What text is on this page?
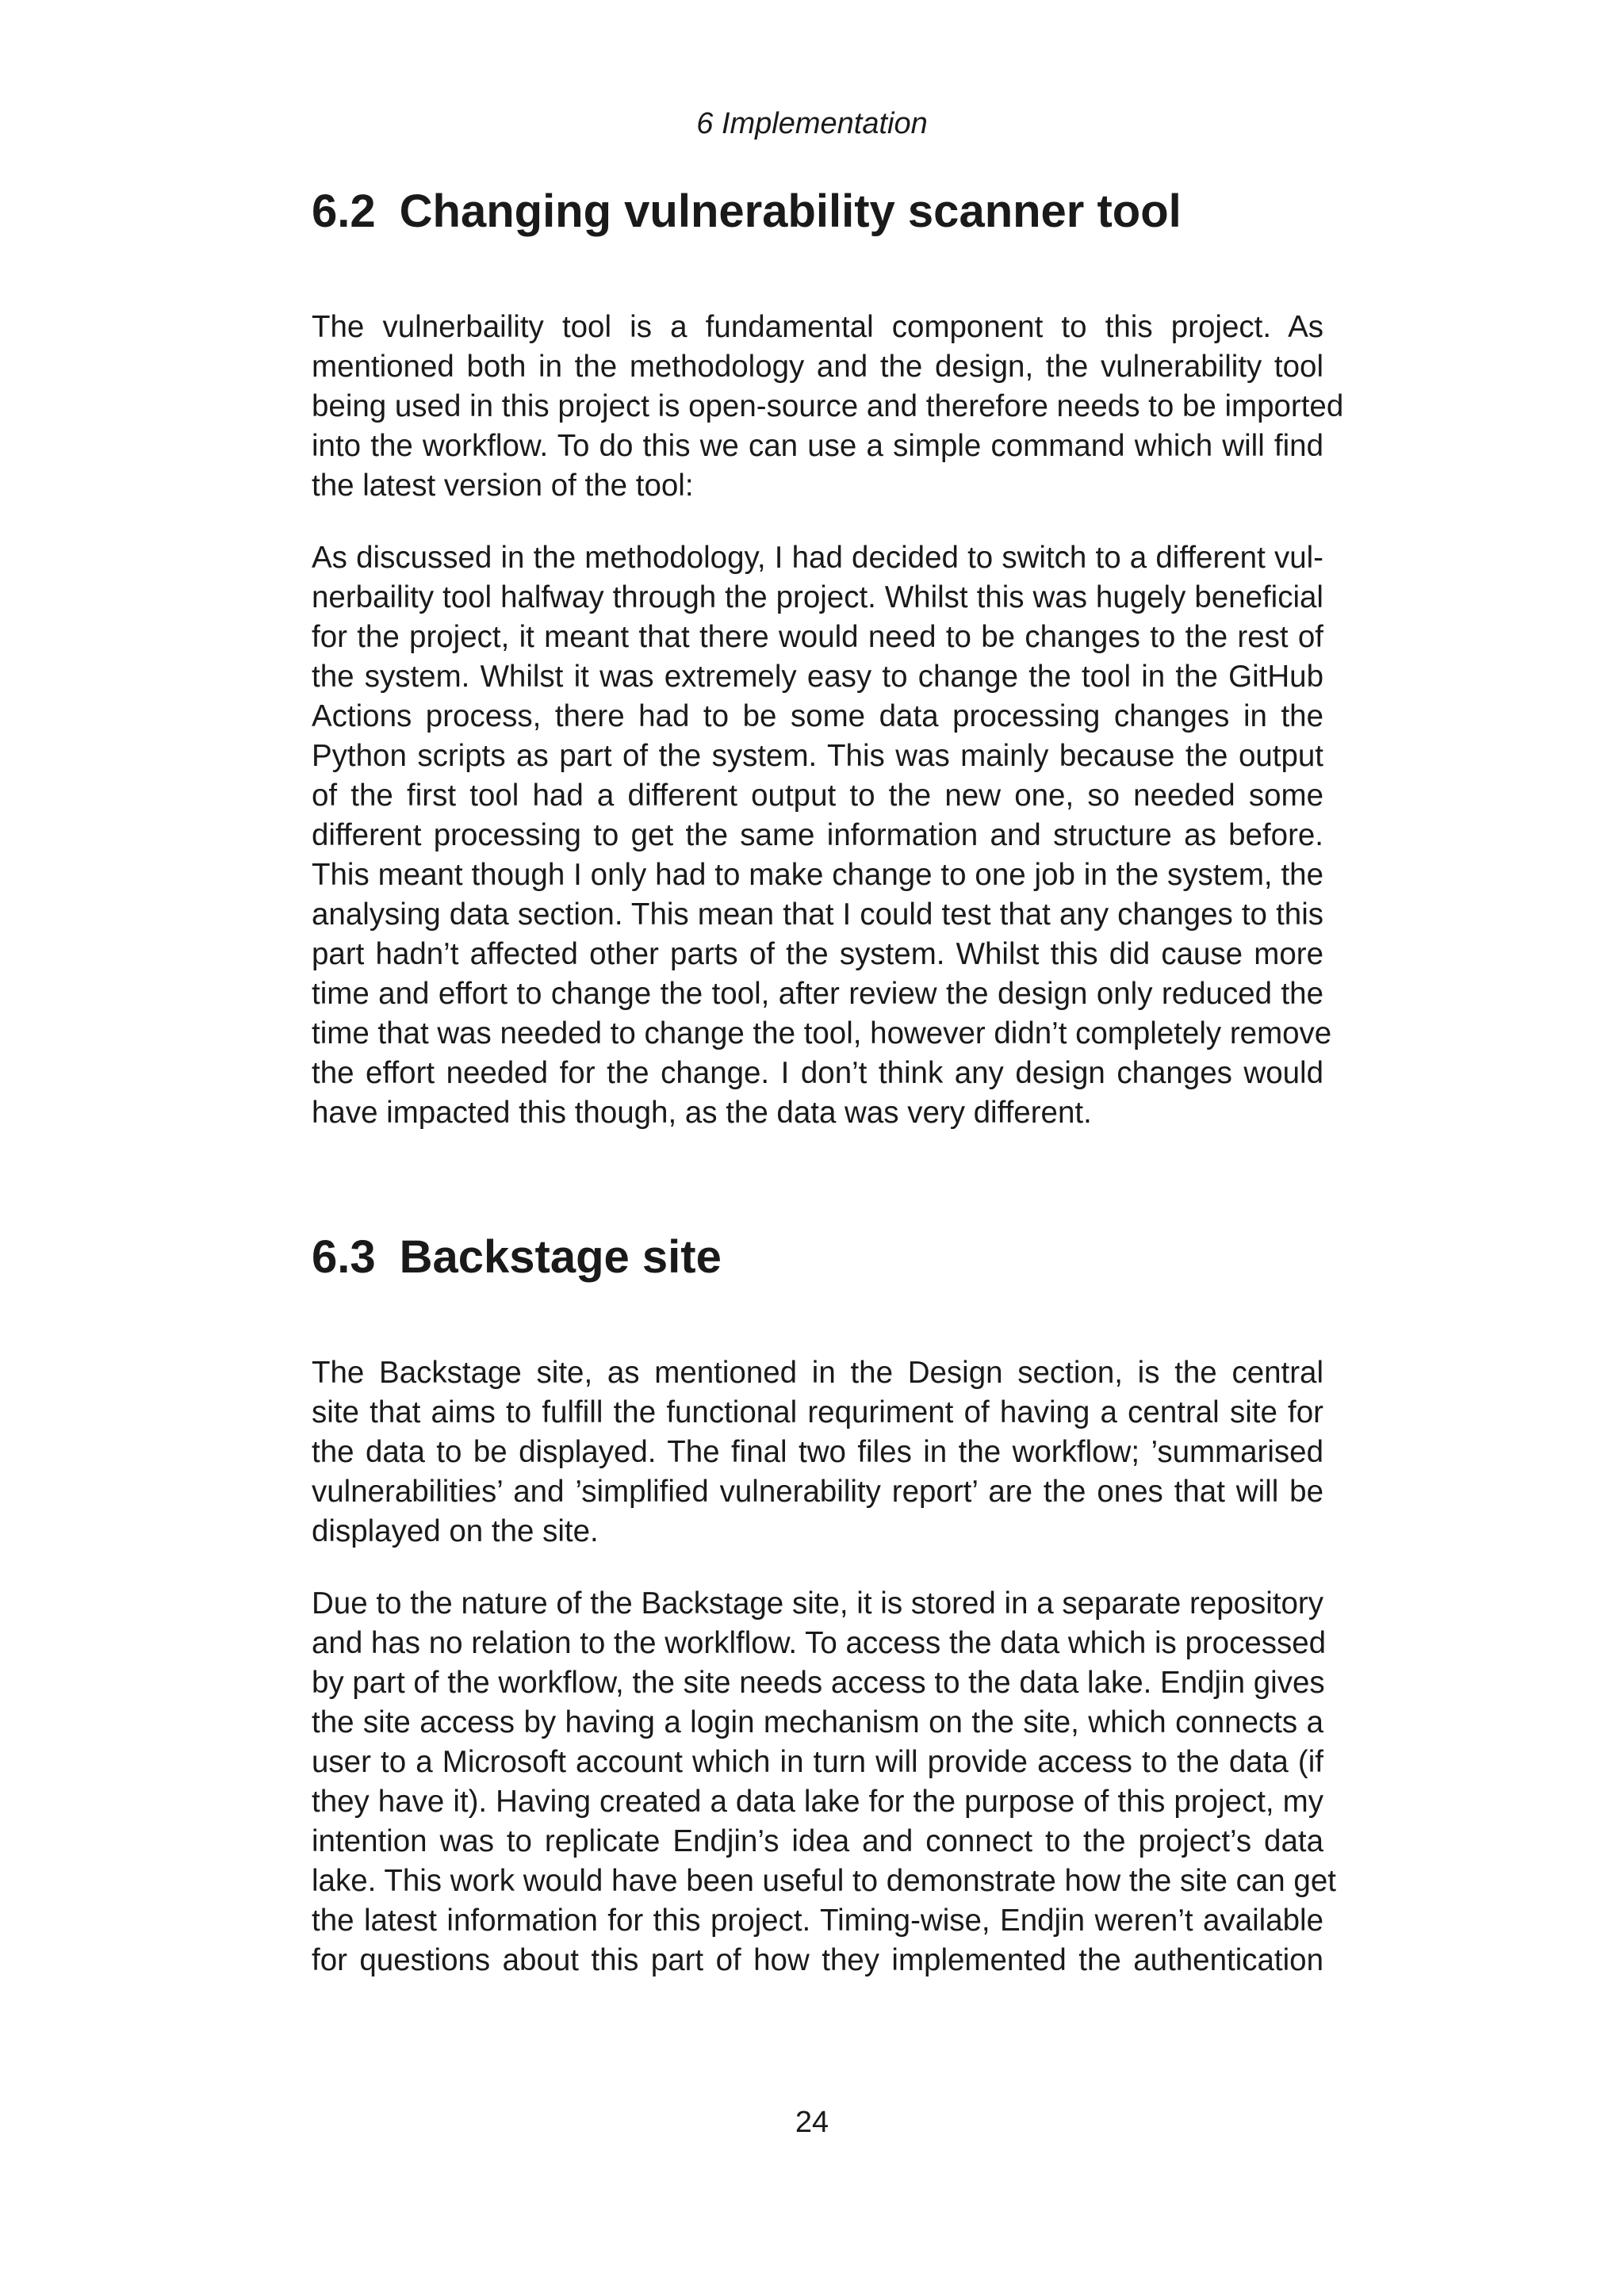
6 Implementation
6.2 Changing vulnerability scanner tool
The vulnerbaility tool is a fundamental component to this project. As
mentioned both in the methodology and the design, the vulnerability tool
being used in this project is open-source and therefore needs to be imported
into the workflow. To do this we can use a simple command which will find
the latest version of the tool:
As discussed in the methodology, I had decided to switch to a different vul-
nerbaility tool halfway through the project. Whilst this was hugely beneficial
for the project, it meant that there would need to be changes to the rest of
the system. Whilst it was extremely easy to change the tool in the GitHub
Actions process, there had to be some data processing changes in the
Python scripts as part of the system. This was mainly because the output
of the first tool had a different output to the new one, so needed some
different processing to get the same information and structure as before.
This meant though I only had to make change to one job in the system, the
analysing data section. This mean that I could test that any changes to this
part hadn’t affected other parts of the system. Whilst this did cause more
time and effort to change the tool, after review the design only reduced the
time that was needed to change the tool, however didn’t completely remove
the effort needed for the change. I don’t think any design changes would
have impacted this though, as the data was very different.
6.3 Backstage site
The Backstage site, as mentioned in the Design section, is the central
site that aims to fulfill the functional requriment of having a central site for
the data to be displayed. The final two files in the workflow; ’summarised
vulnerabilities’ and ’simplified vulnerability report’ are the ones that will be
displayed on the site.
Due to the nature of the Backstage site, it is stored in a separate repository
and has no relation to the worklflow. To access the data which is processed
by part of the workflow, the site needs access to the data lake. Endjin gives
the site access by having a login mechanism on the site, which connects a
user to a Microsoft account which in turn will provide access to the data (if
they have it). Having created a data lake for the purpose of this project, my
intention was to replicate Endjin’s idea and connect to the project’s data
lake. This work would have been useful to demonstrate how the site can get
the latest information for this project. Timing-wise, Endjin weren’t available
for questions about this part of how they implemented the authentication
24
